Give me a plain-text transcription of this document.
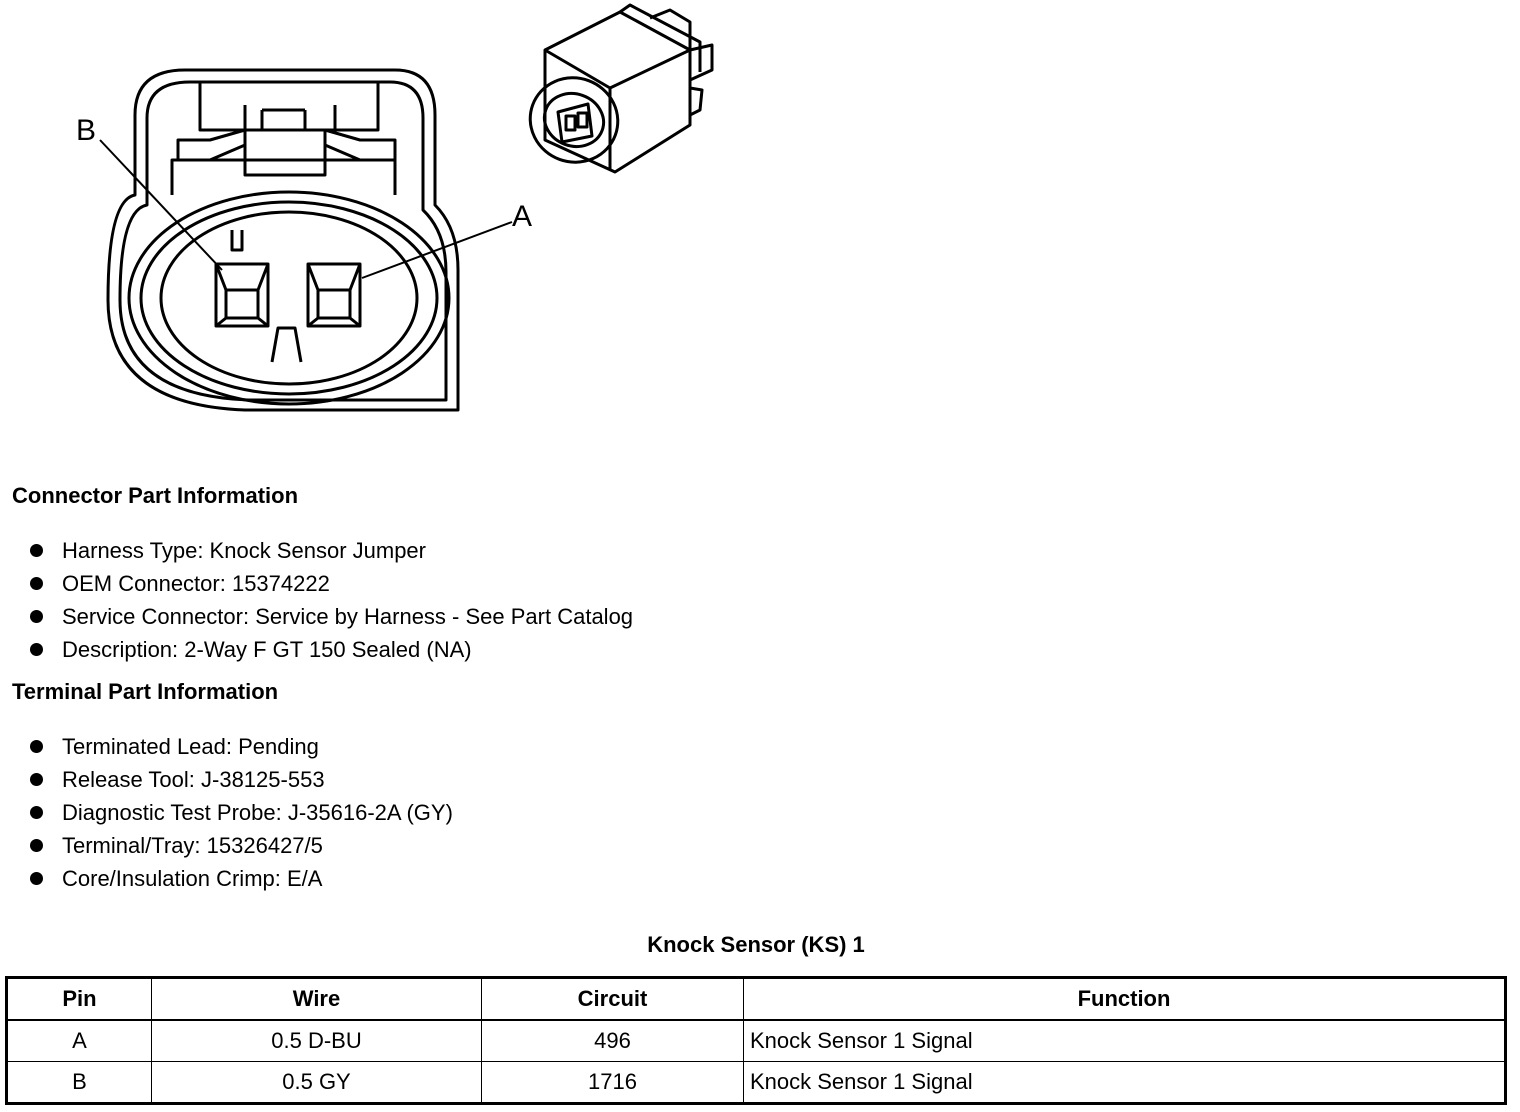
B
A
Connector Part Information
Harness Type: Knock Sensor Jumper
OEM Connector: 15374222
Service Connector: Service by Harness - See Part Catalog
Description: 2-Way F GT 150 Sealed (NA)
Terminal Part Information
Terminated Lead: Pending
Release Tool: J-38125-553
Diagnostic Test Probe: J-35616-2A (GY)
Terminal/Tray: 15326427/5
Core/Insulation Crimp: E/A
Knock Sensor (KS) 1
Pin	Wire	Circuit	Function
A	0.5 D-BU	496	Knock Sensor 1 Signal
B	0.5 GY	1716	Knock Sensor 1 Signal
